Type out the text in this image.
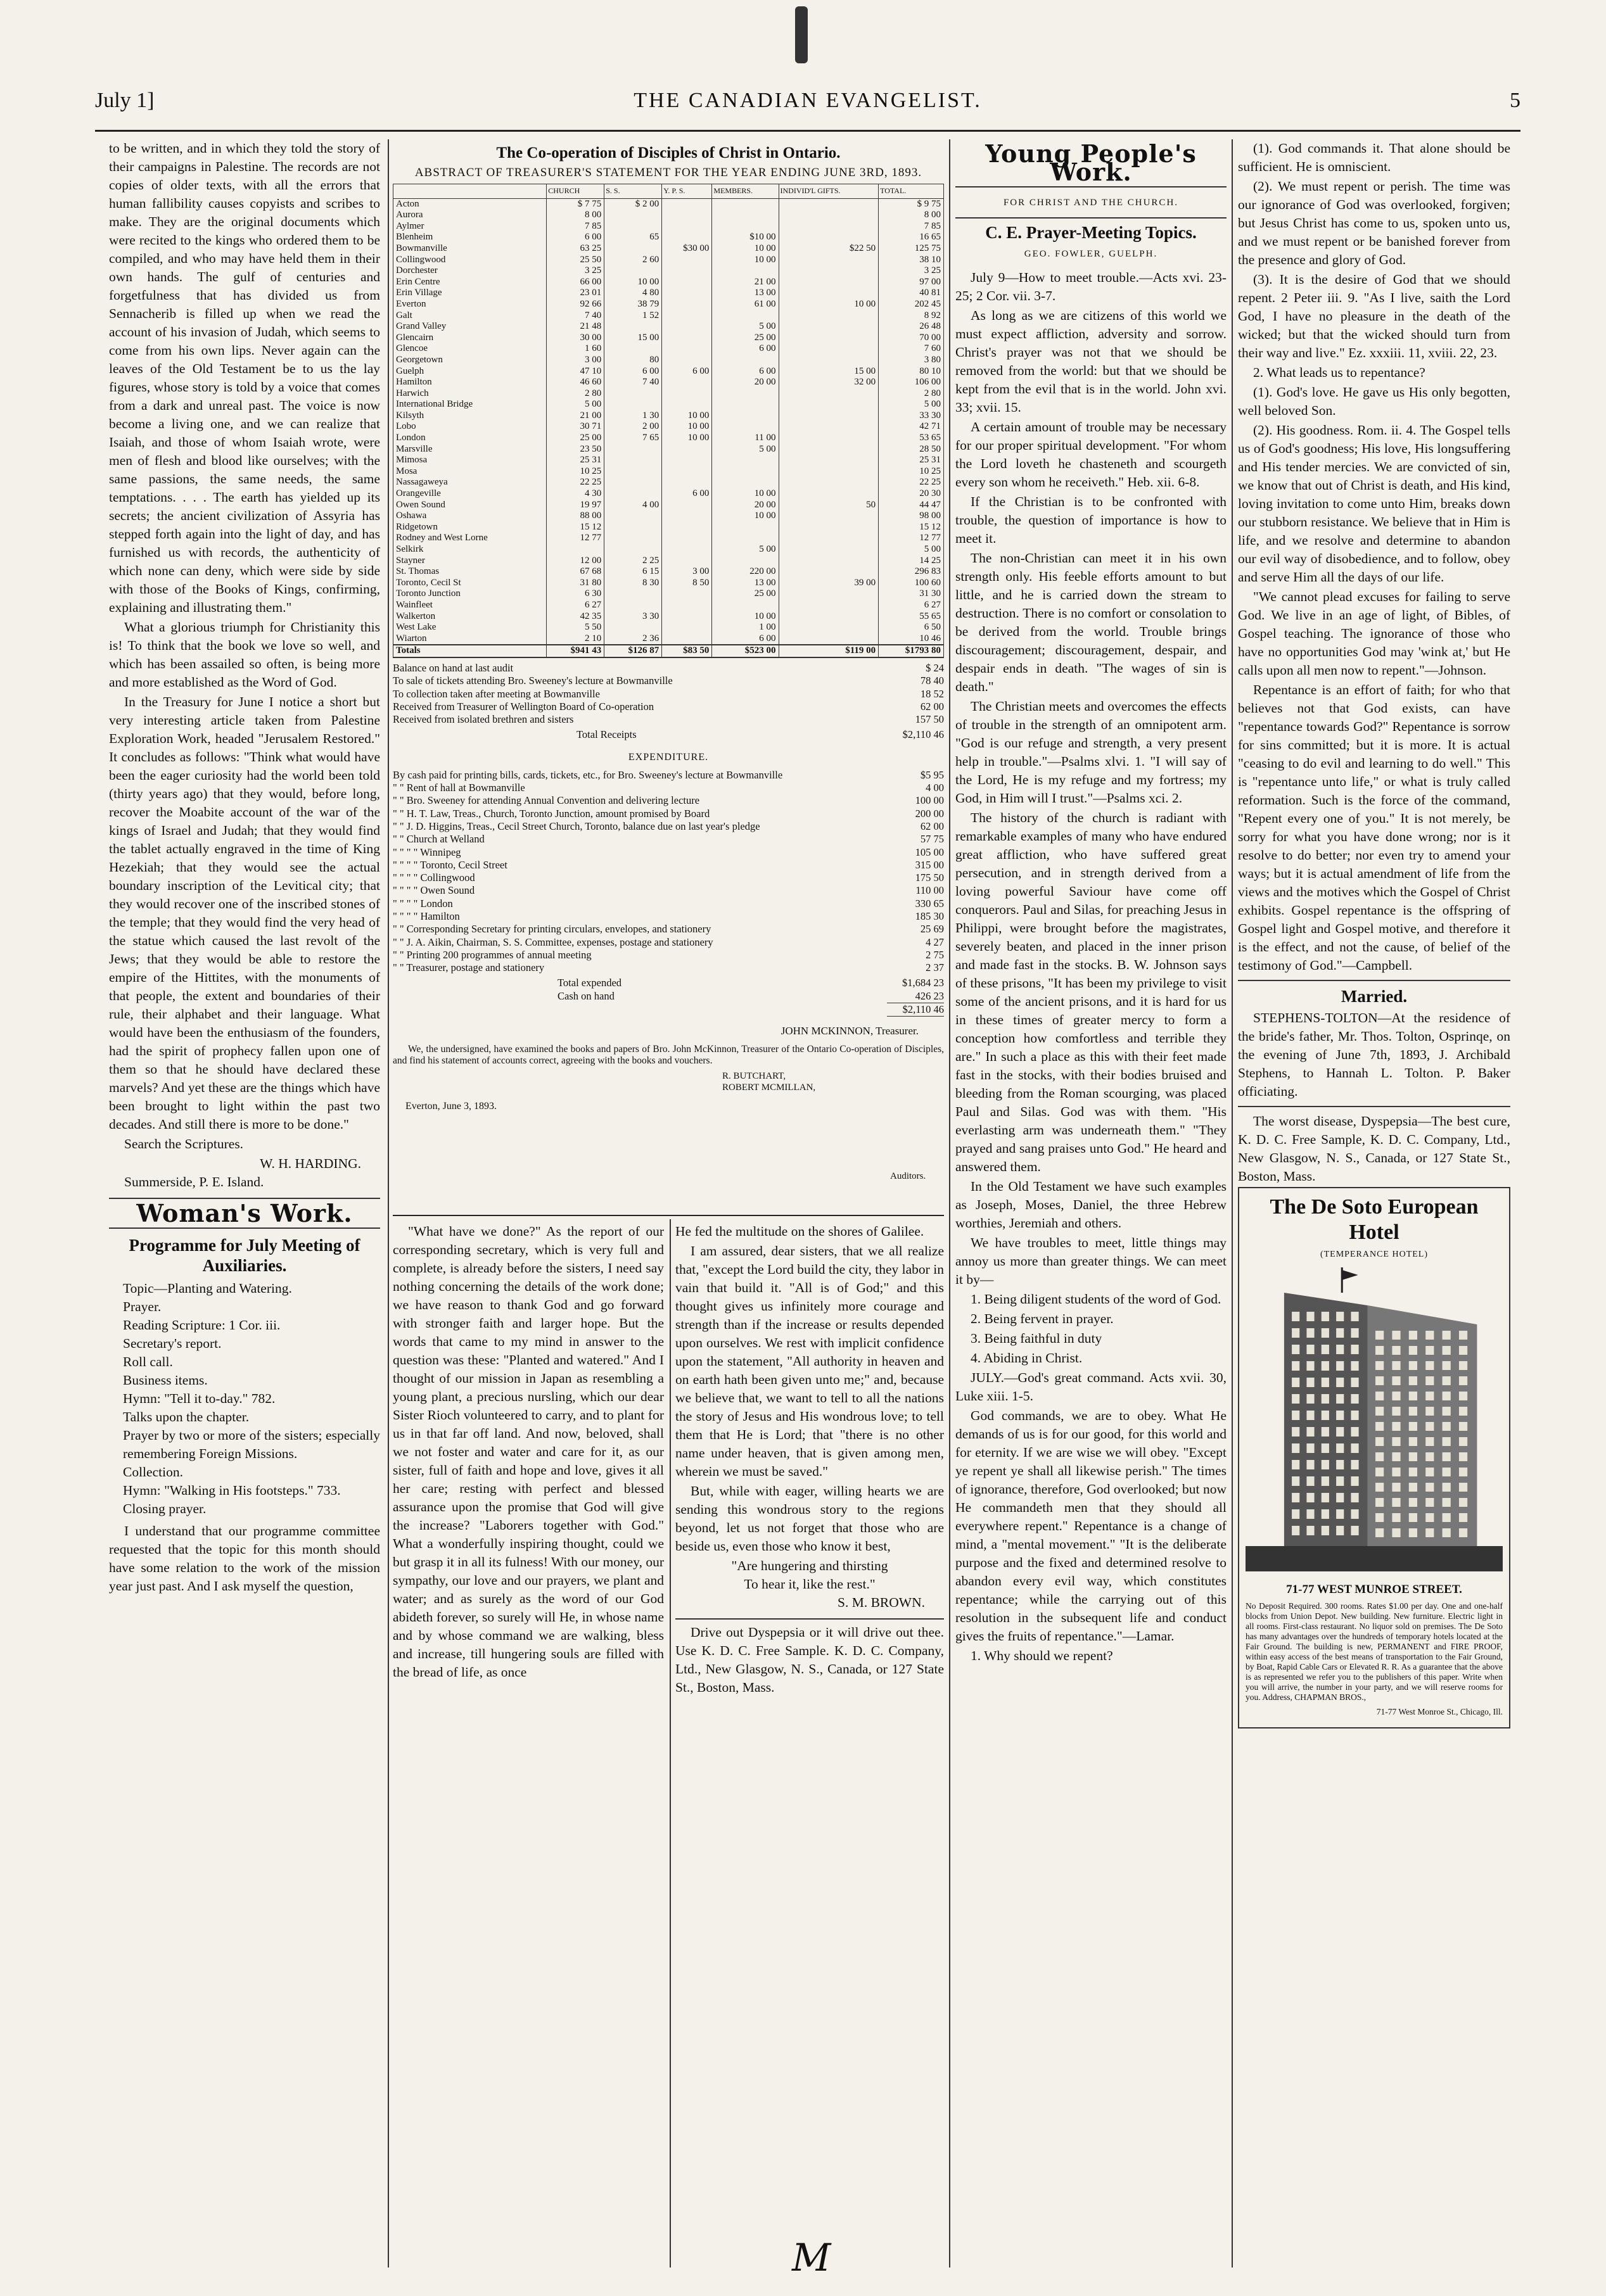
July 1]	THE CANADIAN EVANGELIST.	5

to be written, and in which they told the story of their campaigns in Palestine. The records are not copies of older texts, with all the errors that human fallibility causes copyists and scribes to make. They are the original documents which were recited to the kings who ordered them to be compiled, and who may have held them in their own hands. The gulf of centuries and forgetfulness that has divided us from Sennacherib is filled up when we read the account of his invasion of Judah, which seems to come from his own lips. Never again can the leaves of the Old Testament be to us the lay figures, whose story is told by a voice that comes from a dark and unreal past. The voice is now become a living one, and we can realize that Isaiah, and those of whom Isaiah wrote, were men of flesh and blood like ourselves; with the same passions, the same needs, the same temptations. . . . The earth has yielded up its secrets; the ancient civilization of Assyria has stepped forth again into the light of day, and has furnished us with records, the authenticity of which none can deny, which were side by side with those of the Books of Kings, confirming, explaining and illustrating them."

What a glorious triumph for Christianity this is! To think that the book we love so well, and which has been assailed so often, is being more and more established as the Word of God.

In the Treasury for June I notice a short but very interesting article taken from Palestine Exploration Work, headed "Jerusalem Restored." It concludes as follows: "Think what would have been the eager curiosity had the world been told (thirty years ago) that they would, before long, recover the Moabite account of the war of the kings of Israel and Judah; that they would find the tablet actually engraved in the time of King Hezekiah; that they would see the actual boundary inscription of the Levitical city; that they would recover one of the inscribed stones of the temple; that they would find the very head of the statue which caused the last revolt of the Jews; that they would be able to restore the empire of the Hittites, with the monuments of that people, the extent and boundaries of their rule, their alphabet and their language. What would have been the enthusiasm of the founders, had the spirit of prophecy fallen upon one of them so that he should have declared these marvels? And yet these are the things which have been brought to light within the past two decades. And still there is more to be done."

Search the Scriptures.

W. H. HARDING.
Summerside, P. E. Island.
Woman's Work.
Programme for July Meeting of Auxiliaries.
Topic—Planting and Watering.
Prayer.
Reading Scripture: 1 Cor. iii.
Secretary's report.
Roll call.
Business items.
Hymn: "Tell it to-day." 782.
Talks upon the chapter.
Prayer by two or more of the sisters; especially remembering Foreign Missions.
Collection.
Hymn: "Walking in His footsteps." 733.
Closing prayer.

I understand that our programme committee requested that the topic for this month should have some relation to the work of the mission year just past. And I ask myself the question,

The Co-operation of Disciples of Christ in Ontario.
ABSTRACT OF TREASURER'S STATEMENT FOR THE YEAR ENDING JUNE 3RD, 1893.
	CHURCH	S. S.	Y. P. S.	MEMBERS.	INDIVID'L GIFTS.	TOTAL.
Acton	$ 7 75	$ 2 00				$ 9 75
Aurora	8 00					8 00
Aylmer	7 85					7 85
Blenheim	6 00	65		$10 00		16 65
Bowmanville	63 25		$30 00	10 00	$22 50	125 75
Collingwood	25 50	2 60		10 00		38 10
Dorchester	3 25					3 25
Erin Centre	66 00	10 00		21 00		97 00
Erin Village	23 01	4 80		13 00		40 81
Everton	92 66	38 79		61 00	10 00	202 45
Galt	7 40	1 52				8 92
Grand Valley	21 48			5 00		26 48
Glencairn	30 00	15 00		25 00		70 00
Glencoe	1 60			6 00		7 60
Georgetown	3 00	80				3 80
Guelph	47 10	6 00	6 00	6 00	15 00	80 10
Hamilton	46 60	7 40		20 00	32 00	106 00
Harwich	2 80					2 80
International Bridge	5 00					5 00
Kilsyth	21 00	1 30	10 00			33 30
Lobo	30 71	2 00	10 00			42 71
London	25 00	7 65	10 00	11 00		53 65
Marsville	23 50			5 00		28 50
Mimosa	25 31					25 31
Mosa	10 25					10 25
Nassagaweya	22 25					22 25
Orangeville	4 30		6 00	10 00		20 30
Owen Sound	19 97	4 00		20 00	50	44 47
Oshawa	88 00			10 00		98 00
Ridgetown	15 12					15 12
Rodney and West Lorne	12 77					12 77
Selkirk				5 00		5 00
Stayner	12 00	2 25				14 25
St. Thomas	67 68	6 15	3 00	220 00		296 83
Toronto, Cecil St	31 80	8 30	8 50	13 00	39 00	100 60
Toronto Junction	6 30			25 00		31 30
Wainfleet	6 27					6 27
Walkerton	42 35	3 30		10 00		55 65
West Lake	5 50			1 00		6 50
Wiarton	2 10	2 36		6 00		10 46
Totals	$941 43	$126 87	$83 50	$523 00	$119 00	$1793 80
Balance on hand at last audit	$ 24
To sale of tickets attending Bro. Sweeney's lecture at Bowmanville	78 40
To collection taken after meeting at Bowmanville	18 52
Received from Treasurer of Wellington Board of Co-operation	62 00
Received from isolated brethren and sisters	157 50
Total Receipts	$2,110 46
EXPENDITURE.
By cash paid for printing bills, cards, tickets, etc., for Bro. Sweeney's lecture at Bowmanville	$5 95
" " Rent of hall at Bowmanville	4 00
" " Bro. Sweeney for attending Annual Convention and delivering lecture	100 00
" " H. T. Law, Treas., Church, Toronto Junction, amount promised by Board	200 00
" " J. D. Higgins, Treas., Cecil Street Church, Toronto, balance due on last year's pledge	62 00
" " Church at Welland	57 75
" " " " Winnipeg	105 00
" " " " Toronto, Cecil Street	315 00
" " " " Collingwood	175 50
" " " " Owen Sound	110 00
" " " " London	330 65
" " " " Hamilton	185 30
" " Corresponding Secretary for printing circulars, envelopes, and stationery	25 69
" " J. A. Aikin, Chairman, S. S. Committee, expenses, postage and stationery	4 27
" " Printing 200 programmes of annual meeting	2 75
" " Treasurer, postage and stationery	2 37
Total expended	$1,684 23
Cash on hand	426 23
$2,110 46
JOHN MCKINNON, Treasurer.
We, the undersigned, have examined the books and papers of Bro. John McKinnon, Treasurer of the Ontario Co-operation of Disciples, and find his statement of accounts correct, agreeing with the books and vouchers.
R. BUTCHART,
ROBERT MCMILLAN,
Auditors.
Everton, June 3, 1893.

"What have we done?" As the report of our corresponding secretary, which is very full and complete, is already before the sisters, I need say nothing concerning the details of the work done; we have reason to thank God and go forward with stronger faith and larger hope. But the words that came to my mind in answer to the question was these: "Planted and watered." And I thought of our mission in Japan as resembling a young plant, a precious nursling, which our dear Sister Rioch volunteered to carry, and to plant for us in that far off land. And now, beloved, shall we not foster and water and care for it, as our sister, full of faith and hope and love, gives it all her care; resting with perfect and blessed assurance upon the promise that God will give the increase? "Laborers together with God." What a wonderfully inspiring thought, could we but grasp it in all its fulness! With our money, our sympathy, our love and our prayers, we plant and water; and as surely as the word of our God abideth forever, so surely will He, in whose name and by whose command we are walking, bless and increase, till hungering souls are filled with the bread of life, as once

He fed the multitude on the shores of Galilee.

I am assured, dear sisters, that we all realize that, "except the Lord build the city, they labor in vain that build it. "All is of God;" and this thought gives us infinitely more courage and strength than if the increase or results depended upon ourselves. We rest with implicit confidence upon the statement, "All authority in heaven and on earth hath been given unto me;" and, because we believe that, we want to tell to all the nations the story of Jesus and His wondrous love; to tell them that He is Lord; that "there is no other name under heaven, that is given among men, wherein we must be saved."

But, while with eager, willing hearts we are sending this wondrous story to the regions beyond, let us not forget that those who are beside us, even those who know it best,

"Are hungering and thirsting
To hear it, like the rest."
S. M. BROWN.

Drive out Dyspepsia or it will drive out thee. Use K. D. C. Free Sample. K. D. C. Company, Ltd., New Glasgow, N. S., Canada, or 127 State St., Boston, Mass.

Young People's Work.
FOR CHRIST AND THE CHURCH.
C. E. Prayer-Meeting Topics.
GEO. FOWLER, GUELPH.

July 9—How to meet trouble.—Acts xvi. 23-25; 2 Cor. vii. 3-7.

As long as we are citizens of this world we must expect affliction, adversity and sorrow. Christ's prayer was not that we should be removed from the world: but that we should be kept from the evil that is in the world. John xvi. 33; xvii. 15.

A certain amount of trouble may be necessary for our proper spiritual development. "For whom the Lord loveth he chasteneth and scourgeth every son whom he receiveth." Heb. xii. 6-8.

If the Christian is to be confronted with trouble, the question of importance is how to meet it.

The non-Christian can meet it in his own strength only. His feeble efforts amount to but little, and he is carried down the stream to destruction. There is no comfort or consolation to be derived from the world. Trouble brings discouragement; discouragement, despair, and despair ends in death. "The wages of sin is death."

The Christian meets and overcomes the effects of trouble in the strength of an omnipotent arm. "God is our refuge and strength, a very present help in trouble."—Psalms xlvi. 1. "I will say of the Lord, He is my refuge and my fortress; my God, in Him will I trust."—Psalms xci. 2.

The history of the church is radiant with remarkable examples of many who have endured great affliction, who have suffered great persecution, and in strength derived from a loving powerful Saviour have come off conquerors. Paul and Silas, for preaching Jesus in Philippi, were brought before the magistrates, severely beaten, and placed in the inner prison and made fast in the stocks. B. W. Johnson says of these prisons, "It has been my privilege to visit some of the ancient prisons, and it is hard for us in these times of greater mercy to form a conception how comfortless and terrible they are." In such a place as this with their feet made fast in the stocks, with their bodies bruised and bleeding from the Roman scourging, was placed Paul and Silas. God was with them. "His everlasting arm was underneath them." "They prayed and sang praises unto God." He heard and answered them.

In the Old Testament we have such examples as Joseph, Moses, Daniel, the three Hebrew worthies, Jeremiah and others.

We have troubles to meet, little things may annoy us more than greater things. We can meet it by—

1. Being diligent students of the word of God.

2. Being fervent in prayer.

3. Being faithful in duty

4. Abiding in Christ.

JULY.—God's great command. Acts xvii. 30, Luke xiii. 1-5.

God commands, we are to obey. What He demands of us is for our good, for this world and for eternity. If we are wise we will obey. "Except ye repent ye shall all likewise perish." The times of ignorance, therefore, God overlooked; but now He commandeth men that they should all everywhere repent." Repentance is a change of mind, a "mental movement." "It is the deliberate purpose and the fixed and determined resolve to abandon every evil way, which constitutes repentance; while the carrying out of this resolution in the subsequent life and conduct gives the fruits of repentance."—Lamar.

1. Why should we repent?

(1). God commands it. That alone should be sufficient. He is omniscient.

(2). We must repent or perish. The time was our ignorance of God was overlooked, forgiven; but Jesus Christ has come to us, spoken unto us, and we must repent or be banished forever from the presence and glory of God.

(3). It is the desire of God that we should repent. 2 Peter iii. 9. "As I live, saith the Lord God, I have no pleasure in the death of the wicked; but that the wicked should turn from their way and live." Ez. xxxiii. 11, xviii. 22, 23.

2. What leads us to repentance?

(1). God's love. He gave us His only begotten, well beloved Son.

(2). His goodness. Rom. ii. 4. The Gospel tells us of God's goodness; His love, His longsuffering and His tender mercies. We are convicted of sin, we know that out of Christ is death, and His kind, loving invitation to come unto Him, breaks down our stubborn resistance. We believe that in Him is life, and we resolve and determine to abandon our evil way of disobedience, and to follow, obey and serve Him all the days of our life.

"We cannot plead excuses for failing to serve God. We live in an age of light, of Bibles, of Gospel teaching. The ignorance of those who have no opportunities God may 'wink at,' but He calls upon all men now to repent."—Johnson.

Repentance is an effort of faith; for who that believes not that God exists, can have "repentance towards God?" Repentance is sorrow for sins committed; but it is more. It is actual "ceasing to do evil and learning to do well." This is "repentance unto life," or what is truly called reformation. Such is the force of the command, "Repent every one of you." It is not merely, be sorry for what you have done wrong; nor is it resolve to do better; nor even try to amend your ways; but it is actual amendment of life from the views and the motives which the Gospel of Christ exhibits. Gospel repentance is the offspring of Gospel light and Gospel motive, and therefore it is the effect, and not the cause, of belief of the testimony of God."—Campbell.

Married.

STEPHENS-TOLTON—At the residence of the bride's father, Mr. Thos. Tolton, Osprinqe, on the evening of June 7th, 1893, J. Archibald Stephens, to Hannah L. Tolton. P. Baker officiating.

The worst disease, Dyspepsia—The best cure, K. D. C. Free Sample, K. D. C. Company, Ltd., New Glasgow, N. S., Canada, or 127 State St., Boston, Mass.

The De Soto European Hotel
(TEMPERANCE HOTEL)
71-77 WEST MUNROE STREET.
No Deposit Required. 300 rooms. Rates $1.00 per day. One and one-half blocks from Union Depot. New building. New furniture. Electric light in all rooms. First-class restaurant. No liquor sold on premises. The De Soto has many advantages over the hundreds of temporary hotels located at the Fair Ground. The building is new, PERMANENT and FIRE PROOF, within easy access of the best means of transportation to the Fair Ground, by Boat, Rapid Cable Cars or Elevated R. R. As a guarantee that the above is as represented we refer you to the publishers of this paper. Write when you will arrive, the number in your party, and we will reserve rooms for you. Address, CHAPMAN BROS.,
71-77 West Monroe St., Chicago, Ill.
M
